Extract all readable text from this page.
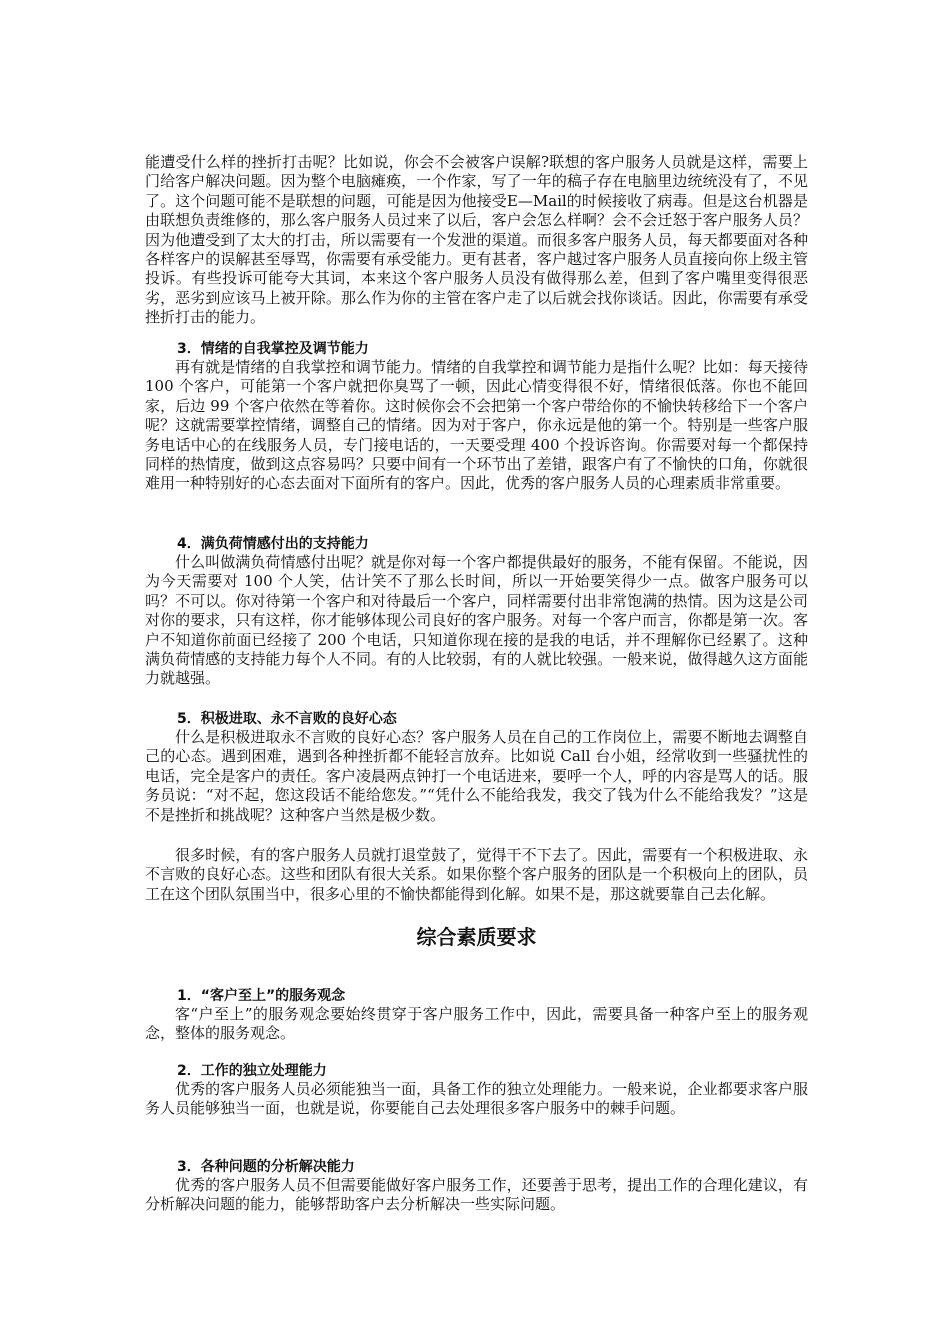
能遭受什么样的挫折打击呢？比如说，你会不会被客户误解?联想的客户服务人员就是这样，需要上门给客户解决问题。因为整个电脑瘫痪，一个作家，写了一年的稿子存在电脑里边统统没有了，不见了。这个问题可能不是联想的问题，可能是因为他接受E—Mail的时候接收了病毒。但是这台机器是由联想负责维修的，那么客户服务人员过来了以后，客户会怎么样啊？会不会迁怒于客户服务人员？因为他遭受到了太大的打击，所以需要有一个发泄的渠道。而很多客户服务人员，每天都要面对各种各样客户的误解甚至辱骂，你需要有承受能力。更有甚者，客户越过客户服务人员直接向你上级主管投诉。有些投诉可能夸大其词，本来这个客户服务人员没有做得那么差，但到了客户嘴里变得很恶劣，恶劣到应该马上被开除。那么作为你的主管在客户走了以后就会找你谈话。因此，你需要有承受挫折打击的能力。

3．情绪的自我掌控及调节能力

再有就是情绪的自我掌控和调节能力。情绪的自我掌控和调节能力是指什么呢？比如：每天接待 100 个客户，可能第一个客户就把你臭骂了一顿，因此心情变得很不好，情绪很低落。你也不能回家，后边 99 个客户依然在等着你。这时候你会不会把第一个客户带给你的不愉快转移给下一个客户呢？这就需要掌控情绪，调整自己的情绪。因为对于客户，你永远是他的第一个。特别是一些客户服务电话中心的在线服务人员，专门接电话的，一天要受理 400 个投诉咨询。你需要对每一个都保持同样的热情度，做到这点容易吗？只要中间有一个环节出了差错，跟客户有了不愉快的口角，你就很难用一种特别好的心态去面对下面所有的客户。因此，优秀的客户服务人员的心理素质非常重要。

4．满负荷情感付出的支持能力

什么叫做满负荷情感付出呢？就是你对每一个客户都提供最好的服务，不能有保留。不能说，因为今天需要对 100 个人笑，估计笑不了那么长时间，所以一开始要笑得少一点。做客户服务可以吗？不可以。你对待第一个客户和对待最后一个客户，同样需要付出非常饱满的热情。因为这是公司对你的要求，只有这样，你才能够体现公司良好的客户服务。对每一个客户而言，你都是第一次。客户不知道你前面已经接了 200 个电话，只知道你现在接的是我的电话，并不理解你已经累了。这种满负荷情感的支持能力每个人不同。有的人比较弱，有的人就比较强。一般来说，做得越久这方面能力就越强。

5．积极进取、永不言败的良好心态

什么是积极进取永不言败的良好心态？客户服务人员在自己的工作岗位上，需要不断地去调整自己的心态。遇到困难，遇到各种挫折都不能轻言放弃。比如说 Call 台小姐，经常收到一些骚扰性的电话，完全是客户的责任。客户凌晨两点钟打一个电话进来，要呼一个人，呼的内容是骂人的话。服务员说：“对不起，您这段话不能给您发。”“凭什么不能给我发，我交了钱为什么不能给我发？”这是不是挫折和挑战呢？这种客户当然是极少数。

很多时候，有的客户服务人员就打退堂鼓了，觉得干不下去了。因此，需要有一个积极进取、永不言败的良好心态。这些和团队有很大关系。如果你整个客户服务的团队是一个积极向上的团队，员工在这个团队氛围当中，很多心里的不愉快都能得到化解。如果不是，那这就要靠自己去化解。

综合素质要求
1．“客户至上”的服务观念

客“户至上”的服务观念要始终贯穿于客户服务工作中，因此，需要具备一种客户至上的服务观念，整体的服务观念。

2．工作的独立处理能力

优秀的客户服务人员必须能独当一面，具备工作的独立处理能力。一般来说，企业都要求客户服务人员能够独当一面，也就是说，你要能自己去处理很多客户服务中的棘手问题。

3．各种问题的分析解决能力

优秀的客户服务人员不但需要能做好客户服务工作，还要善于思考，提出工作的合理化建议，有分析解决问题的能力，能够帮助客户去分析解决一些实际问题。
